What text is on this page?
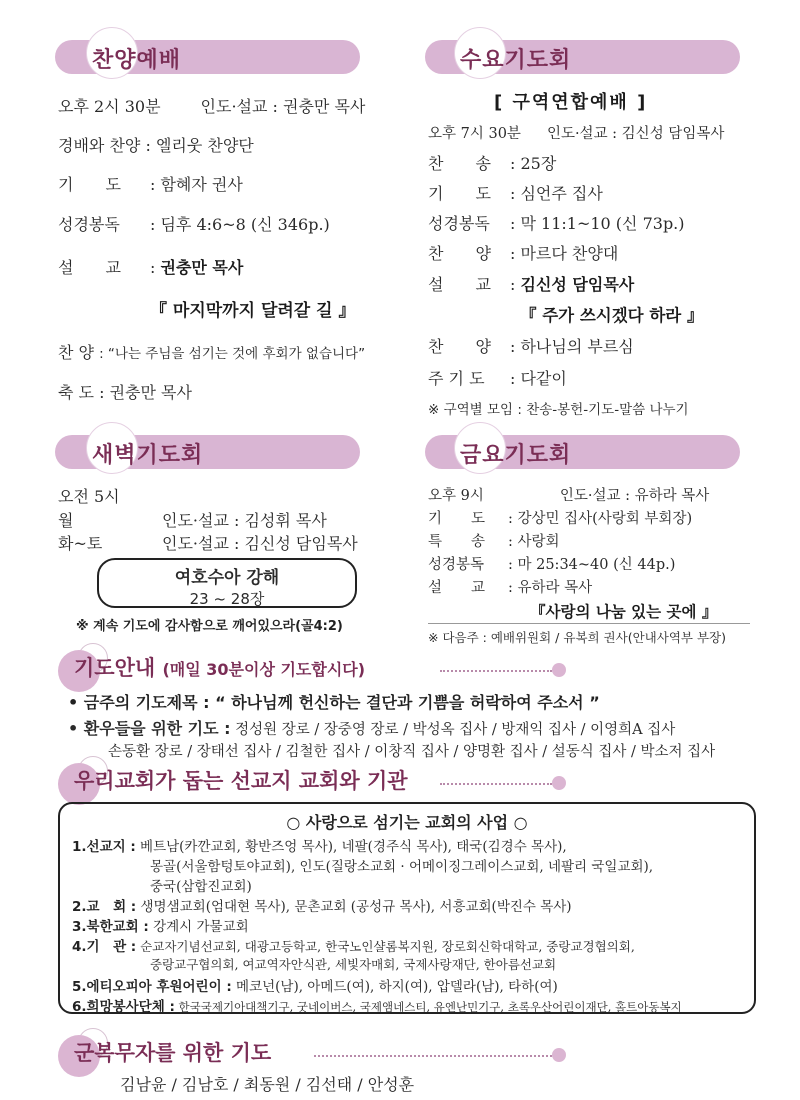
찬양예배
오후 2시 30분	인도·설교 : 권충만 목사
경배와 찬양 : 엘리웃 찬양단
기　　도 : 함혜자 권사
성경봉독 : 딤후 4:6~8 (신 346p.)
설　　교 : 권충만 목사
『 마지막까지 달려갈 길 』
찬 양 : “나는 주님을 섬기는 것에 후회가 없습니다”
축 도 : 권충만 목사
수요기도회
[ 구역연합예배 ]
오후 7시 30분 인도·설교 : 김신성 담임목사
찬　　송 : 25장
기　　도 : 심언주 집사
성경봉독 : 막 11:1~10 (신 73p.)
찬　　양 : 마르다 찬양대
설　　교 : 김신성 담임목사
『 주가 쓰시겠다 하라 』
찬　　양 : 하나님의 부르심
주 기 도 : 다같이
※ 구역별 모임 : 찬송-봉헌-기도-말씀 나누기
새벽기도회
오전 5시
월	인도·설교 : 김성휘 목사
화~토	인도·설교 : 김신성 담임목사
여호수아 강해
23 ~ 28장
※ 계속 기도에 감사함으로 깨어있으라(골4:2)
금요기도회
오후 9시	인도·설교 : 유하라 목사
기　　도 : 강상민 집사(사랑회 부회장)
특　　송 : 사랑회
성경봉독 : 마 25:34~40 (신 44p.)
설　　교 : 유하라 목사
『사랑의 나눔 있는 곳에 』
※ 다음주 : 예배위원회 / 유복희 권사(안내사역부 부장)
기도안내 (매일 30분이상 기도합시다)
• 금주의 기도제목 : “ 하나님께 헌신하는 결단과 기쁨을 허락하여 주소서 ”
• 환우들을 위한 기도 : 정성원 장로 / 장중영 장로 / 박성옥 집사 / 방재익 집사 / 이영희A 집사
손동환 장로 / 장태선 집사 / 김철한 집사 / 이창직 집사 / 양명환 집사 / 설동식 집사 / 박소저 집사
우리교회가 돕는 선교지 교회와 기관
○ 사랑으로 섬기는 교회의 사업 ○
1.선교지 : 베트남(카깐교회, 황반즈엉 목사), 네팔(경주식 목사), 태국(김경수 목사),
몽골(서울함텅토야교회), 인도(질랑소교회 · 어메이징그레이스교회, 네팔리 국일교회),
중국(삼합진교회)
2.교　회 : 생명샘교회(엄대현 목사), 문촌교회 (공성규 목사), 서흥교회(박진수 목사)
3.북한교회 : 강계시 가물교회
4.기　관 : 순교자기념선교회, 대광고등학교, 한국노인샬롬복지원, 장로회신학대학교, 중랑교경협의회,
중랑교구협의회, 여교역자안식관, 세빛자매회, 국제사랑재단, 한아름선교회
5.에티오피아 후원어린이 : 메코넌(남), 아메드(여), 하지(여), 압델라(남), 타하(여)
6.희망봉사단체 : 한국국제기아대책기구, 굿네이버스, 국제앰네스티, 유엔난민기구, 초록우산어린이재단, 홀트아동복지
군복무자를 위한 기도
김남윤 / 김남호 / 최동원 / 김선태 / 안성훈
